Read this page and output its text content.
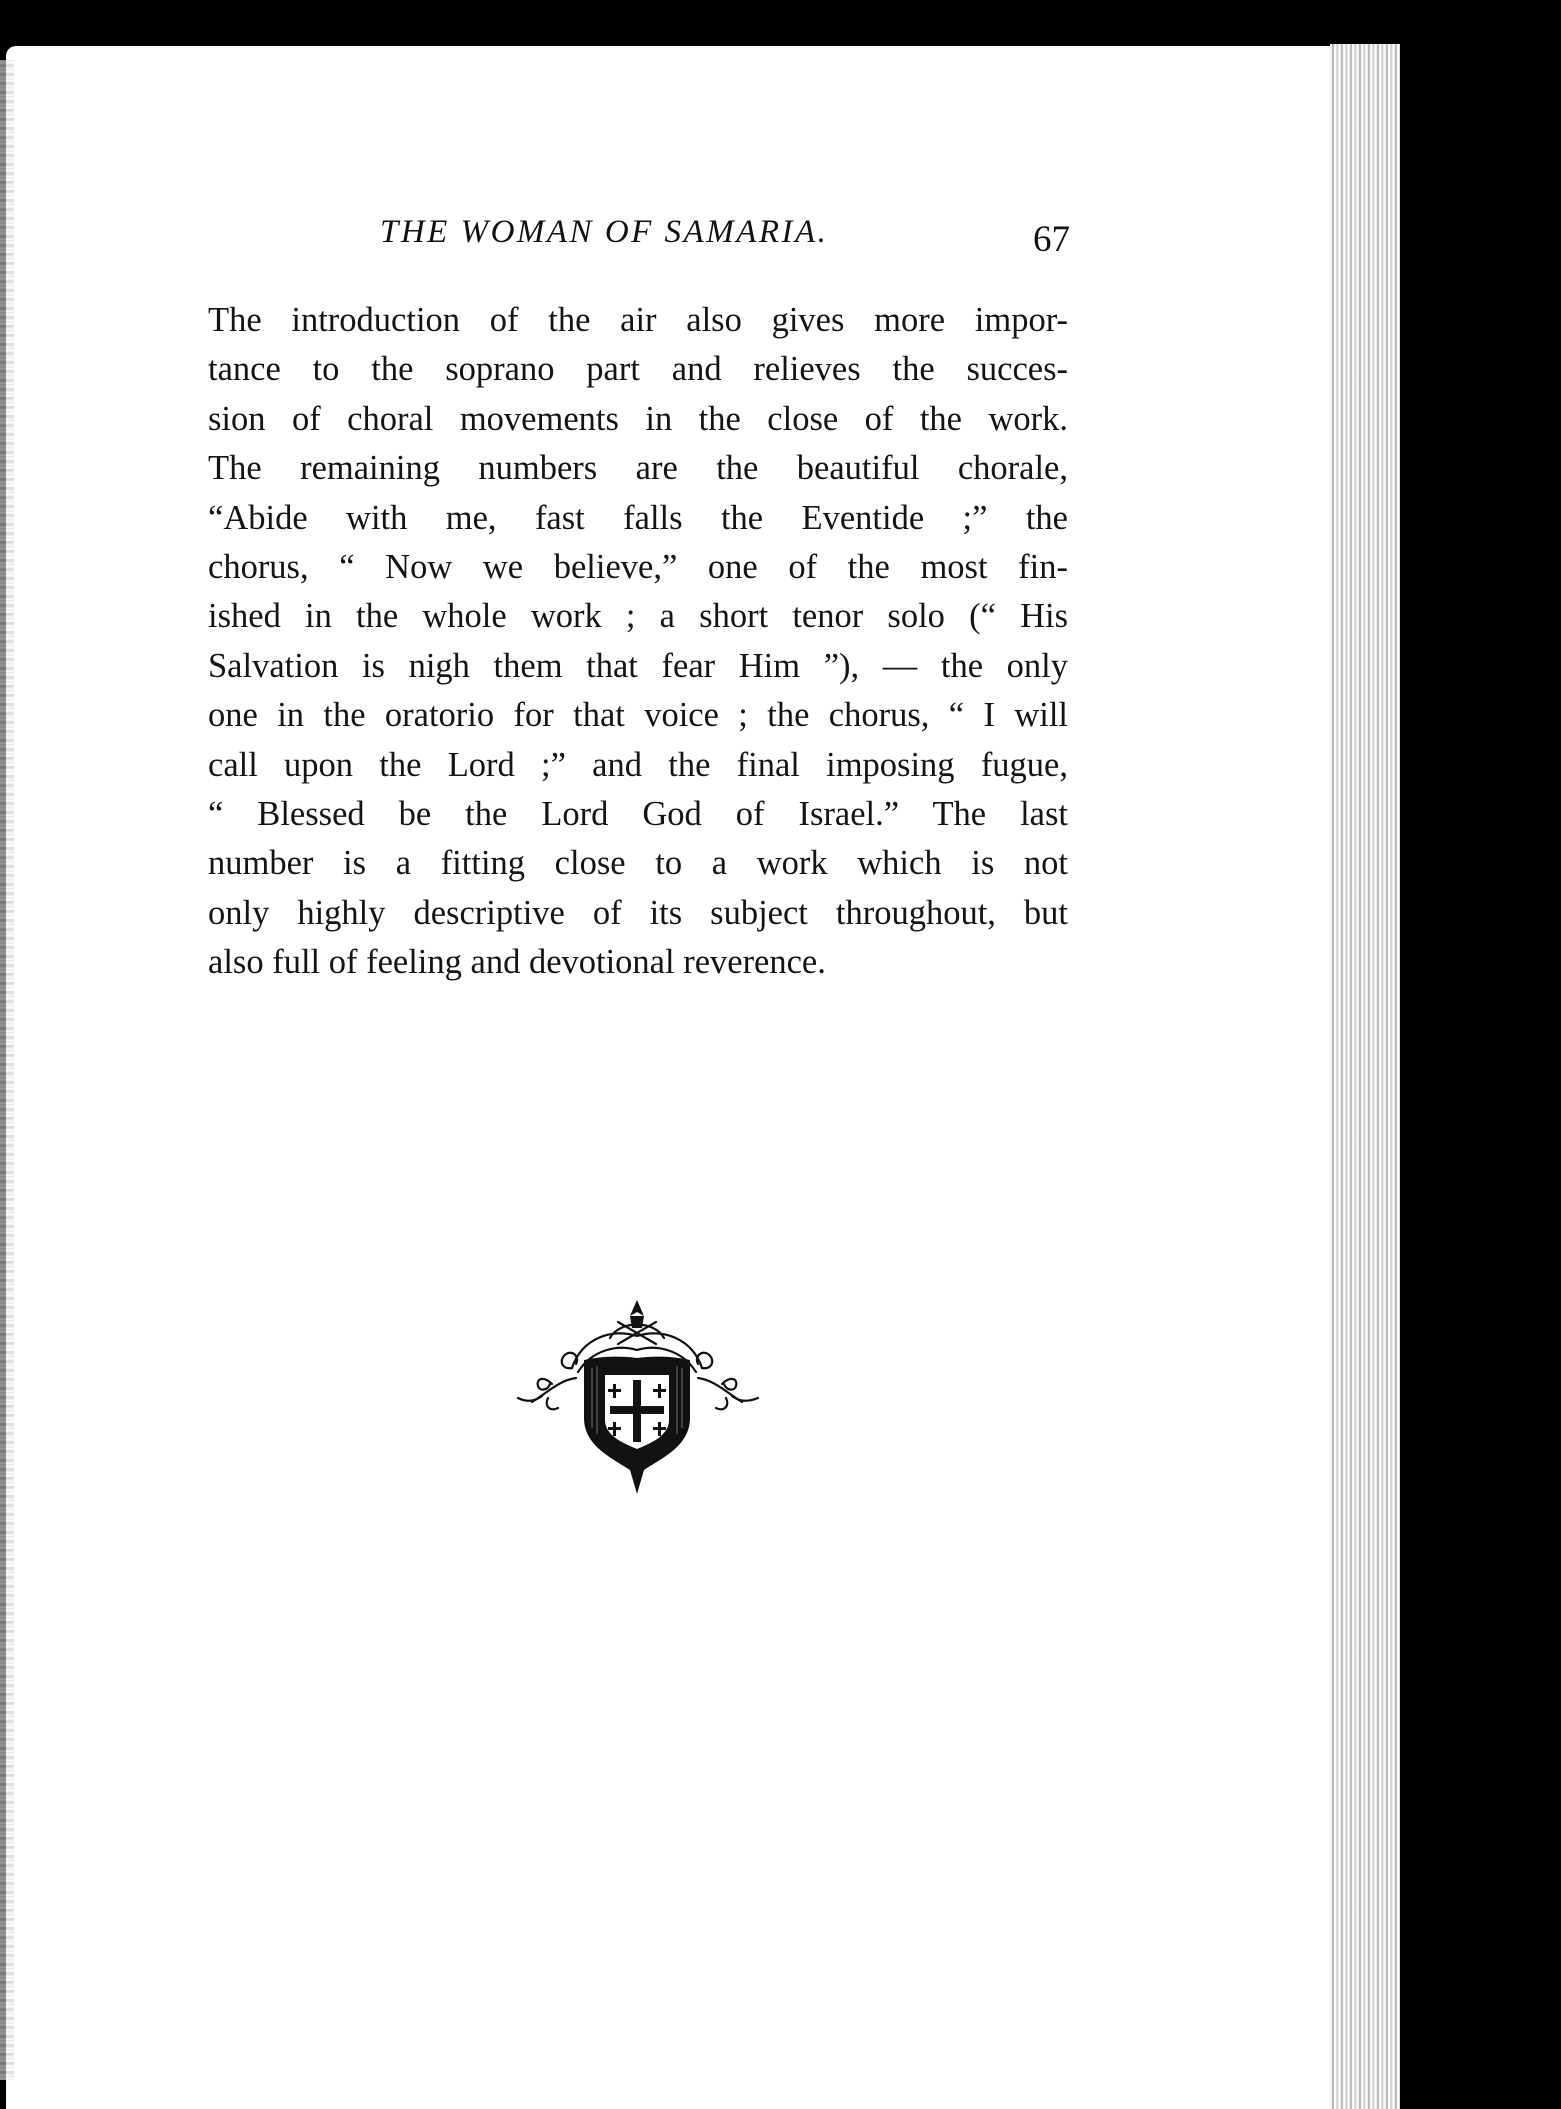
THE WOMAN OF SAMARIA.	67

The introduction of the air also gives more impor-
tance to the soprano part and relieves the succes-
sion of choral movements in the close of the work.
The remaining numbers are the beautiful chorale,
“Abide with me, fast falls the Eventide ;” the
chorus, “ Now we believe,” one of the most fin-
ished in the whole work ; a short tenor solo (“ His
Salvation is nigh them that fear Him ”), — the only
one in the oratorio for that voice ; the chorus, “ I will
call upon the Lord ;” and the final imposing fugue,
“ Blessed be the Lord God of Israel.” The last
number is a fitting close to a work which is not
only highly descriptive of its subject throughout, but
also full of feeling and devotional reverence.
